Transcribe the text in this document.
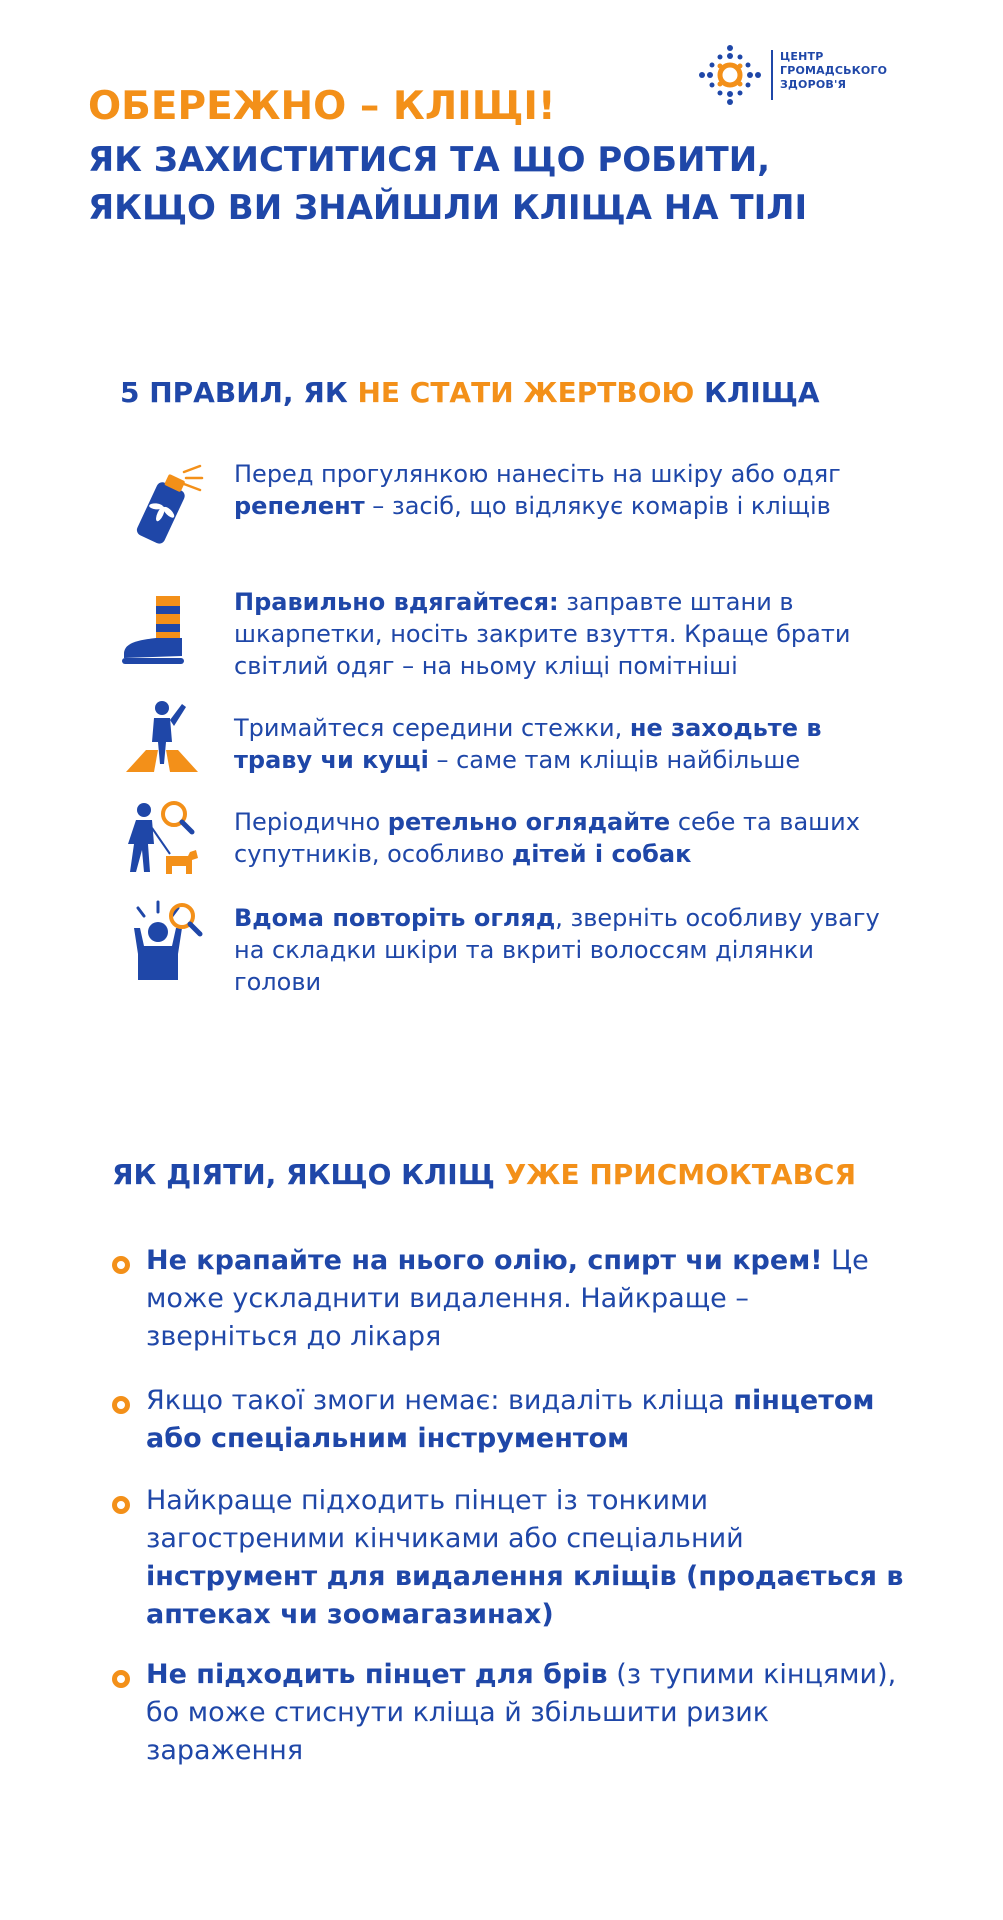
ЦЕНТР
ГРОМАДСЬКОГО
ЗДОРОВ'Я
ОБЕРЕЖНО – КЛІЩІ!
ЯК ЗАХИСТИТИСЯ ТА ЩО РОБИТИ, ЯКЩО ВИ ЗНАЙШЛИ КЛІЩА НА ТІЛІ
5 ПРАВИЛ, ЯК НЕ СТАТИ ЖЕРТВОЮ КЛІЩА
Перед прогулянкою нанесіть на шкіру або одяг репелент – засіб, що відлякує комарів і кліщів
Правильно вдягайтеся: заправте штани в шкарпетки, носіть закрите взуття. Краще брати світлий одяг – на ньому кліщі помітніші
Тримайтеся середини стежки, не заходьте в траву чи кущі – саме там кліщів найбільше
Періодично ретельно оглядайте себе та ваших супутників, особливо дітей і собак
Вдома повторіть огляд, зверніть особливу увагу на складки шкіри та вкриті волоссям ділянки голови
ЯК ДІЯТИ, ЯКЩО КЛІЩ УЖЕ ПРИСМОКТАВСЯ
Не крапайте на нього олію, спирт чи крем! Це може ускладнити видалення. Найкраще – зверніться до лікаря
Якщо такої змоги немає: видаліть кліща пінцетом або спеціальним інструментом
Найкраще підходить пінцет із тонкими загостреними кінчиками або спеціальний інструмент для видалення кліщів (продається в аптеках чи зоомагазинах)
Не підходить пінцет для брів (з тупими кінцями), бо може стиснути кліща й збільшити ризик зараження
